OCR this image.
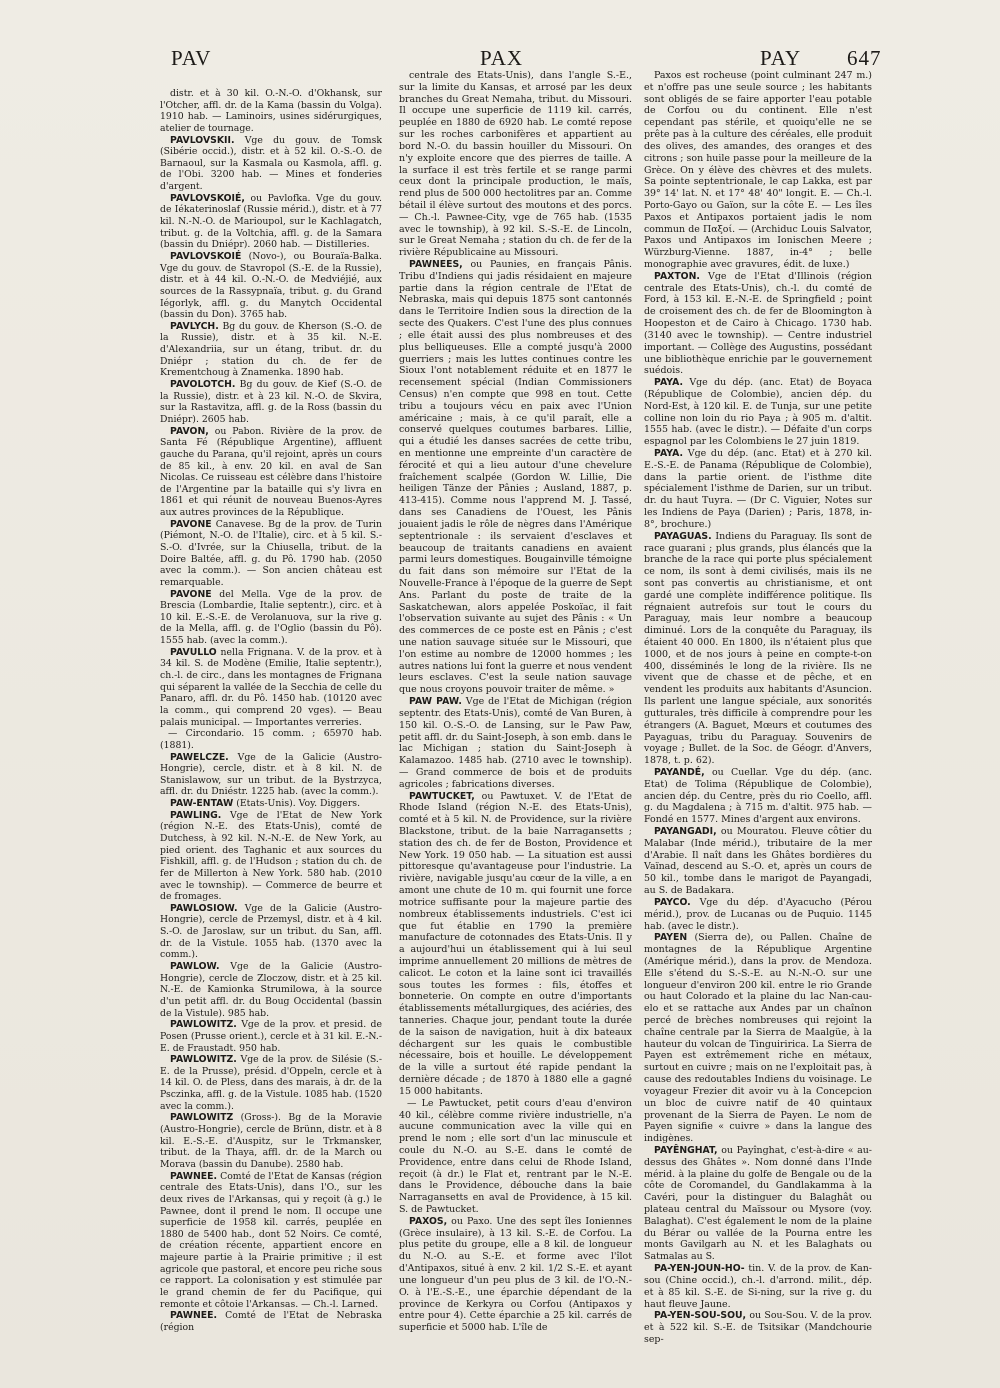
PAV	PAX	PAY 647

distr. et à 30 kil. O.-N.-O. d'Okhansk, sur l'Otcher, affl. dr. de la Kama (bassin du Volga). 1910 hab. — Laminoirs, usines sidérurgiques, atelier de tournage.

PAVLOVSKII. Vge du gouv. de Tomsk (Sibérie occid.), distr. et à 52 kil. O.-S.-O. de Barnaoul, sur la Kasmala ou Kasmola, affl. g. de l'Obi. 3200 hab. — Mines et fonderies d'argent.

PAVLOVSKOIÉ, ou Pavlofka. Vge du gouv. de Iékaterinoslaf (Russie mérid.), distr. et à 77 kil. N.-N.-O. de Marioupol, sur le Kachlagatch, tribut. g. de la Voltchia, affl. g. de la Samara (bassin du Dniépr). 2060 hab. — Distilleries.

PAVLOVSKOIÉ (Novo-), ou Bouraïa-Balka. Vge du gouv. de Stavropol (S.-E. de la Russie), distr. et à 44 kil. O.-N.-O. de Medviéjié, aux sources de la Rassypnaïa, tribut. g. du Grand Iégorlyk, affl. g. du Manytch Occidental (bassin du Don). 3765 hab.

PAVLYCH. Bg du gouv. de Kherson (S.-O. de la Russie), distr. et à 35 kil. N.-E. d'Alexandriia, sur un étang, tribut. dr. du Dniépr ; station du ch. de fer de Krementchoug à Znamenka. 1890 hab.

PAVOLOTCH. Bg du gouv. de Kief (S.-O. de la Russie), distr. et à 23 kil. N.-O. de Skvira, sur la Rastavitza, affl. g. de la Ross (bassin du Dniépr). 2605 hab.

PAVON, ou Pabon. Rivière de la prov. de Santa Fé (République Argentine), affluent gauche du Parana, qu'il rejoint, après un cours de 85 kil., à env. 20 kil. en aval de San Nicolas. Ce ruisseau est célèbre dans l'histoire de l'Argentine par la bataille qui s'y livra en 1861 et qui réunit de nouveau Buenos-Ayres aux autres provinces de la République.

PAVONE Canavese. Bg de la prov. de Turin (Piémont, N.-O. de l'Italie), circ. et à 5 kil. S.-S.-O. d'Ivrée, sur la Chiusella, tribut. de la Doire Baltée, affl. g. du Pô. 1790 hab. (2050 avec la comm.). — Son ancien château est remarquable.

PAVONE del Mella. Vge de la prov. de Brescia (Lombardie, Italie septentr.), circ. et à 10 kil. E.-S.-E. de Verolanuova, sur la rive g. de la Mella, affl. g. de l'Oglio (bassin du Pô). 1555 hab. (avec la comm.).

PAVULLO nella Frignana. V. de la prov. et à 34 kil. S. de Modène (Emilie, Italie septentr.), ch.-l. de circ., dans les montagnes de Frignana qui séparent la vallée de la Secchia de celle du Panaro, affl. dr. du Pô. 1450 hab. (10120 avec la comm., qui comprend 20 vges). — Beau palais municipal. — Importantes verreries.

— Circondario. 15 comm. ; 65970 hab. (1881).

PAWELCZE. Vge de la Galicie (Austro-Hongrie), cercle, distr. et à 8 kil. N. de Stanislawow, sur un tribut. de la Bystrzyca, affl. dr. du Dniéstr. 1225 hab. (avec la comm.).

PAW-ENTAW (Etats-Unis). Voy. Diggers.

PAWLING. Vge de l'Etat de New York (région N.-E. des Etats-Unis), comté de Dutchess, à 92 kil. N.-N.-E. de New York, au pied orient. des Taghanic et aux sources du Fishkill, affl. g. de l'Hudson ; station du ch. de fer de Millerton à New York. 580 hab. (2010 avec le township). — Commerce de beurre et de fromages.

PAWLOSIOW. Vge de la Galicie (Austro-Hongrie), cercle de Przemysl, distr. et à 4 kil. S.-O. de Jaroslaw, sur un tribut. du San, affl. dr. de la Vistule. 1055 hab. (1370 avec la comm.).

PAWLOW. Vge de la Galicie (Austro-Hongrie), cercle de Zloczow, distr. et à 25 kil. N.-E. de Kamionka Strumilowa, à la source d'un petit affl. dr. du Boug Occidental (bassin de la Vistule). 985 hab.

PAWLOWITZ. Vge de la prov. et presid. de Posen (Prusse orient.), cercle et à 31 kil. E.-N.-E. de Fraustadt. 950 hab.

PAWLOWITZ. Vge de la prov. de Silésie (S.-E. de la Prusse), présid. d'Oppeln, cercle et à 14 kil. O. de Pless, dans des marais, à dr. de la Psczinka, affl. g. de la Vistule. 1085 hab. (1520 avec la comm.).

PAWLOWITZ (Gross-). Bg de la Moravie (Austro-Hongrie), cercle de Brünn, distr. et à 8 kil. E.-S.-E. d'Auspitz, sur le Trkmansker, tribut. de la Thaya, affl. dr. de la March ou Morava (bassin du Danube). 2580 hab.

PAWNEE. Comté de l'Etat de Kansas (région centrale des Etats-Unis), dans l'O., sur les deux rives de l'Arkansas, qui y reçoit (à g.) le Pawnee, dont il prend le nom. Il occupe une superficie de 1958 kil. carrés, peuplée en 1880 de 5400 hab., dont 52 Noirs. Ce comté, de création récente, appartient encore en majeure partie à la Prairie primitive ; il est agricole que pastoral, et encore peu riche sous ce rapport. La colonisation y est stimulée par le grand chemin de fer du Pacifique, qui remonte et côtoie l'Arkansas. — Ch.-l. Larned.

PAWNEE. Comté de l'Etat de Nebraska (région

centrale des Etats-Unis), dans l'angle S.-E., sur la limite du Kansas, et arrosé par les deux branches du Great Nemaha, tribut. du Missouri. Il occupe une superficie de 1119 kil. carrés, peuplée en 1880 de 6920 hab. Le comté repose sur les roches carbonifères et appartient au bord N.-O. du bassin houiller du Missouri. On n'y exploite encore que des pierres de taille. A la surface il est très fertile et se range parmi ceux dont la principale production, le maïs, rend plus de 500 000 hectolitres par an. Comme bétail il élève surtout des moutons et des porcs. — Ch.-l. Pawnee-City, vge de 765 hab. (1535 avec le township), à 92 kil. S.-S.-E. de Lincoln, sur le Great Nemaha ; station du ch. de fer de la rivière Républicaine au Missouri.

PAWNEES, ou Paunies, en français Pânis. Tribu d'Indiens qui jadis résidaient en majeure partie dans la région centrale de l'Etat de Nebraska, mais qui depuis 1875 sont cantonnés dans le Territoire Indien sous la direction de la secte des Quakers. C'est l'une des plus connues ; elle était aussi des plus nombreuses et des plus belliqueuses. Elle a compté jusqu'à 2000 guerriers ; mais les luttes continues contre les Sioux l'ont notablement réduite et en 1877 le recensement spécial (Indian Commissioners Census) n'en compte que 998 en tout. Cette tribu a toujours vécu en paix avec l'Union américaine ; mais, à ce qu'il paraît, elle a conservé quelques coutumes barbares. Lillie, qui a étudié les danses sacrées de cette tribu, en mentionne une empreinte d'un caractère de férocité et qui a lieu autour d'une chevelure fraîchement scalpée (Gordon W. Lillie, Die heiligen Tänze der Pânies ; Ausland, 1887, p. 413-415). Comme nous l'apprend M. J. Tassé, dans ses Canadiens de l'Ouest, les Pânis jouaient jadis le rôle de nègres dans l'Amérique septentrionale : ils servaient d'esclaves et beaucoup de traitants canadiens en avaient parmi leurs domestiques. Bougainville témoigne du fait dans son mémoire sur l'Etat de la Nouvelle-France à l'époque de la guerre de Sept Ans. Parlant du poste de traite de la Saskatchewan, alors appelée Poskoïac, il fait l'observation suivante au sujet des Pânis : « Un des commerces de ce poste est en Pânis ; c'est une nation sauvage située sur le Missouri, que l'on estime au nombre de 12000 hommes ; les autres nations lui font la guerre et nous vendent leurs esclaves. C'est la seule nation sauvage que nous croyons pouvoir traiter de même. »

PAW PAW. Vge de l'Etat de Michigan (région septentr. des Etats-Unis), comté de Van Buren, à 150 kil. O.-S.-O. de Lansing, sur le Paw Paw, petit affl. dr. du Saint-Joseph, à son emb. dans le lac Michigan ; station du Saint-Joseph à Kalamazoo. 1485 hab. (2710 avec le township). — Grand commerce de bois et de produits agricoles ; fabrications diverses.

PAWTUCKET, ou Pawtuxet. V. de l'Etat de Rhode Island (région N.-E. des Etats-Unis), comté et à 5 kil. N. de Providence, sur la rivière Blackstone, tribut. de la baie Narragansetts ; station des ch. de fer de Boston, Providence et New York. 19 050 hab. — La situation est aussi pittoresque qu'avantageuse pour l'industrie. La rivière, navigable jusqu'au cœur de la ville, a en amont une chute de 10 m. qui fournit une force motrice suffisante pour la majeure partie des nombreux établissements industriels. C'est ici que fut établie en 1790 la première manufacture de cotonnades des Etats-Unis. Il y a aujourd'hui un établissement qui à lui seul imprime annuellement 20 millions de mètres de calicot. Le coton et la laine sont ici travaillés sous toutes les formes : fils, étoffes et bonneterie. On compte en outre d'importants établissements métallurgiques, des aciéries, des tanneries. Chaque jour, pendant toute la durée de la saison de navigation, huit à dix bateaux déchargent sur les quais le combustible nécessaire, bois et houille. Le développement de la ville a surtout été rapide pendant la dernière décade ; de 1870 à 1880 elle a gagné 15 000 habitants.

— Le Pawtucket, petit cours d'eau d'environ 40 kil., célèbre comme rivière industrielle, n'a aucune communication avec la ville qui en prend le nom ; elle sort d'un lac minuscule et coule du N.-O. au S.-E. dans le comté de Providence, entre dans celui de Rhode Island, reçoit (à dr.) le Flat et, rentrant par le N.-E. dans le Providence, débouche dans la baie Narragansetts en aval de Providence, à 15 kil. S. de Pawtucket.

PAXOS, ou Paxo. Une des sept îles Ioniennes (Grèce insulaire), à 13 kil. S.-E. de Corfou. La plus petite du groupe, elle a 8 kil. de longueur du N.-O. au S.-E. et forme avec l'îlot d'Antipaxos, situé à env. 2 kil. 1/2 S.-E. et ayant une longueur d'un peu plus de 3 kil. de l'O.-N.-O. à l'E.-S.-E., une éparchie dépendant de la province de Kerkyra ou Corfou (Antipaxos y entre pour 4). Cette éparchie a 25 kil. carrés de superficie et 5000 hab. L'île de

Paxos est rocheuse (point culminant 247 m.) et n'offre pas une seule source ; les habitants sont obligés de se faire apporter l'eau potable de Corfou ou du continent. Elle n'est cependant pas stérile, et quoiqu'elle ne se prête pas à la culture des céréales, elle produit des olives, des amandes, des oranges et des citrons ; son huile passe pour la meilleure de la Grèce. On y élève des chèvres et des mulets. Sa pointe septentrionale, le cap Lakka, est par 39° 14' lat. N. et 17° 48' 40" longit. E. — Ch.-l. Porto-Gayo ou Gaïon, sur la côte E. — Les îles Paxos et Antipaxos portaient jadis le nom commun de Παξοί. — (Archiduc Louis Salvator, Paxos und Antipaxos im Ionischen Meere ; Würzburg-Vienne. 1887, in-4° ; belle monographie avec gravures, édit. de luxe.)

PAXTON. Vge de l'Etat d'Illinois (région centrale des Etats-Unis), ch.-l. du comté de Ford, à 153 kil. E.-N.-E. de Springfield ; point de croisement des ch. de fer de Bloomington à Hoopeston et de Cairo à Chicago. 1730 hab. (3140 avec le township). — Centre industriel important. — Collège des Augustins, possédant une bibliothèque enrichie par le gouvernement suédois.

PAYA. Vge du dép. (anc. Etat) de Boyaca (République de Colombie), ancien dép. du Nord-Est, à 120 kil. E. de Tunja, sur une petite colline non loin du rio Paya ; à 905 m. d'altit. 1555 hab. (avec le distr.). — Défaite d'un corps espagnol par les Colombiens le 27 juin 1819.

PAYA. Vge du dép. (anc. Etat) et à 270 kil. E.-S.-E. de Panama (République de Colombie), dans la partie orient. de l'isthme dite spécialement l'isthme de Darien, sur un tribut. dr. du haut Tuyra. — (Dr C. Viguier, Notes sur les Indiens de Paya (Darien) ; Paris, 1878, in-8°, brochure.)

PAYAGUAS. Indiens du Paraguay. Ils sont de race guarani ; plus grands, plus élancés que la branche de la race qui porte plus spécialement ce nom, ils sont à demi civilisés, mais ils ne sont pas convertis au christianisme, et ont gardé une complète indifférence politique. Ils régnaient autrefois sur tout le cours du Paraguay, mais leur nombre a beaucoup diminué. Lors de la conquête du Paraguay, ils étaient 40 000. En 1800, ils n'étaient plus que 1000, et de nos jours à peine en compte-t-on 400, disséminés le long de la rivière. Ils ne vivent que de chasse et de pêche, et en vendent les produits aux habitants d'Asuncion. Ils parlent une langue spéciale, aux sonorités gutturales, très difficile à comprendre pour les étrangers (A. Baguet, Mœurs et coutumes des Payaguas, tribu du Paraguay. Souvenirs de voyage ; Bullet. de la Soc. de Géogr. d'Anvers, 1878, t. p. 62).

PAYANDÉ, ou Cuellar. Vge du dép. (anc. Etat) de Tolima (République de Colombie), ancien dép. du Centre, près du rio Coello, affl. g. du Magdalena ; à 715 m. d'altit. 975 hab. — Fondé en 1577. Mines d'argent aux environs.

PAYANGADI, ou Mouratou. Fleuve côtier du Malabar (Inde mérid.), tributaire de la mer d'Arabie. Il naît dans les Ghâtes bordières du Vaïnad, descend au S.-O. et, après un cours de 50 kil., tombe dans le marigot de Payangadi, au S. de Badakara.

PAYCO. Vge du dép. d'Ayacucho (Pérou mérid.), prov. de Lucanas ou de Puquio. 1145 hab. (avec le distr.).

PAYEN (Sierra de), ou Pallen. Chaîne de montagnes de la République Argentine (Amérique mérid.), dans la prov. de Mendoza. Elle s'étend du S.-S.-E. au N.-N.-O. sur une longueur d'environ 200 kil. entre le rio Grande ou haut Colorado et la plaine du lac Nan-cau-elo et se rattache aux Andes par un chaînon percé de brèches nombreuses qui rejoint la chaîne centrale par la Sierra de Maalgüe, à la hauteur du volcan de Tinguiririca. La Sierra de Payen est extrêmement riche en métaux, surtout en cuivre ; mais on ne l'exploitait pas, à cause des redoutables Indiens du voisinage. Le voyageur Frezier dit avoir vu à la Concepcion un bloc de cuivre natif de 40 quintaux provenant de la Sierra de Payen. Le nom de Payen signifie « cuivre » dans la langue des indigènes.

PAYÊNGHAT, ou Payînghat, c'est-à-dire « au-dessus des Ghâtes ». Nom donné dans l'Inde mérid. à la plaine du golfe de Bengale ou de la côte de Coromandel, du Gandlakamma à la Cavéri, pour la distinguer du Balaghât ou plateau central du Maïssour ou Mysore (voy. Balaghat). C'est également le nom de la plaine du Bérar ou vallée de la Pourna entre les monts Gavilgarh au N. et les Balaghats ou Satmalas au S.

PA-YEN-JOUN-HO- tin. V. de la prov. de Kan-sou (Chine occid.), ch.-l. d'arrond. milit., dép. et à 85 kil. S.-E. de Si-ning, sur la rive g. du haut fleuve Jaune.

PA-YEN-SOU-SOU, ou Sou-Sou. V. de la prov. et à 522 kil. S.-E. de Tsitsikar (Mandchourie sep-
